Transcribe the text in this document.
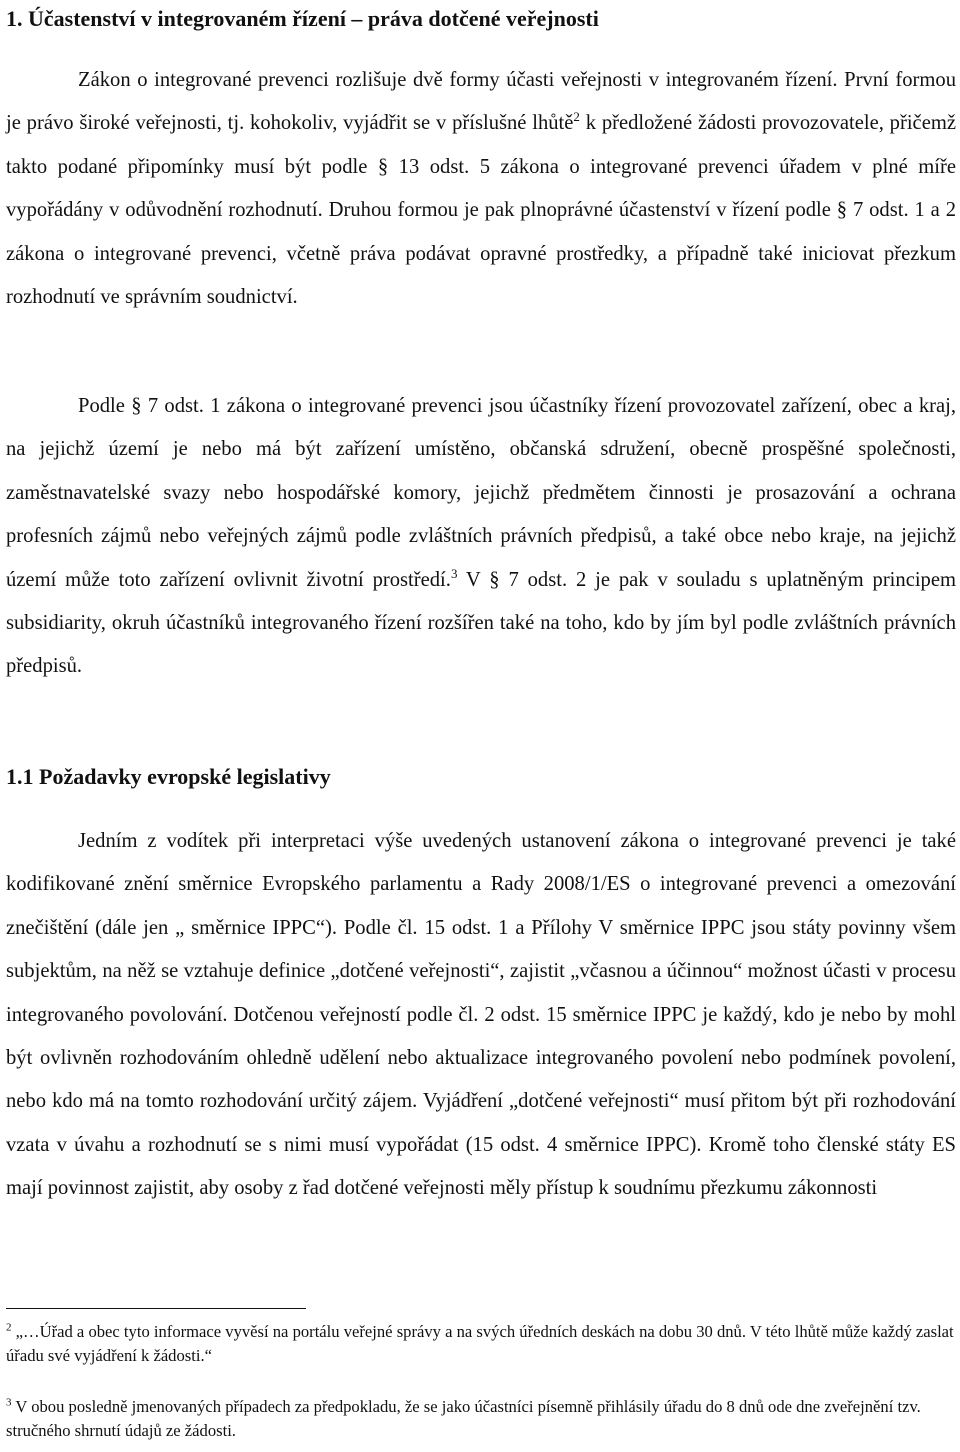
1. Účastenství v integrovaném řízení – práva dotčené veřejnosti

Zákon o integrované prevenci rozlišuje dvě formy účasti veřejnosti v integrovaném řízení. První formou je právo široké veřejnosti, tj. kohokoliv, vyjádřit se v příslušné lhůtě$^2$ k předložené žádosti provozovatele, přičemž takto podané připomínky musí být podle § 13 odst. 5 zákona o integrované prevenci úřadem v plné míře vypořádány v odůvodnění rozhodnutí. Druhou formou je pak plnoprávné účastenství v řízení podle § 7 odst. 1 a 2 zákona o integrované prevenci, včetně práva podávat opravné prostředky, a případně také iniciovat přezkum rozhodnutí ve správním soudnictví.

Podle § 7 odst. 1 zákona o integrované prevenci jsou účastníky řízení provozovatel zařízení, obec a kraj, na jejichž území je nebo má být zařízení umístěno, občanská sdružení, obecně prospěšné společnosti, zaměstnavatelské svazy nebo hospodářské komory, jejichž předmětem činnosti je prosazování a ochrana profesních zájmů nebo veřejných zájmů podle zvláštních právních předpisů, a také obce nebo kraje, na jejichž území může toto zařízení ovlivnit životní prostředí.$^3$ V § 7 odst. 2 je pak v souladu s uplatněným principem subsidiarity, okruh účastníků integrovaného řízení rozšířen také na toho, kdo by jím byl podle zvláštních právních předpisů.

1.1 Požadavky evropské legislativy

Jedním z vodítek při interpretaci výše uvedených ustanovení zákona o integrované prevenci je také kodifikované znění směrnice Evropského parlamentu a Rady 2008/1/ES o integrované prevenci a omezování znečištění (dále jen „ směrnice IPPC“). Podle čl. 15 odst. 1 a Přílohy V směrnice IPPC jsou státy povinny všem subjektům, na něž se vztahuje definice „dotčené veřejnosti“, zajistit „včasnou a účinnou“ možnost účasti v procesu integrovaného povolování. Dotčenou veřejností podle čl. 2 odst. 15 směrnice IPPC je každý, kdo je nebo by mohl být ovlivněn rozhodováním ohledně udělení nebo aktualizace integrovaného povolení nebo podmínek povolení, nebo kdo má na tomto rozhodování určitý zájem. Vyjádření „dotčené veřejnosti“ musí přitom být při rozhodování vzata v úvahu a rozhodnutí se s nimi musí vypořádat (15 odst. 4 směrnice IPPC). Kromě toho členské státy ES mají povinnost zajistit, aby osoby z řad dotčené veřejnosti měly přístup k soudnímu přezkumu zákonnosti

$^2$ „…Úřad a obec tyto informace vyvěsí na portálu veřejné správy a na svých úředních deskách na dobu 30 dnů. V této lhůtě může každý zaslat úřadu své vyjádření k žádosti.“

$^3$ V obou posledně jmenovaných případech za předpokladu, že se jako účastníci písemně přihlásily úřadu do 8 dnů ode dne zveřejnění tzv. stručného shrnutí údajů ze žádosti.
